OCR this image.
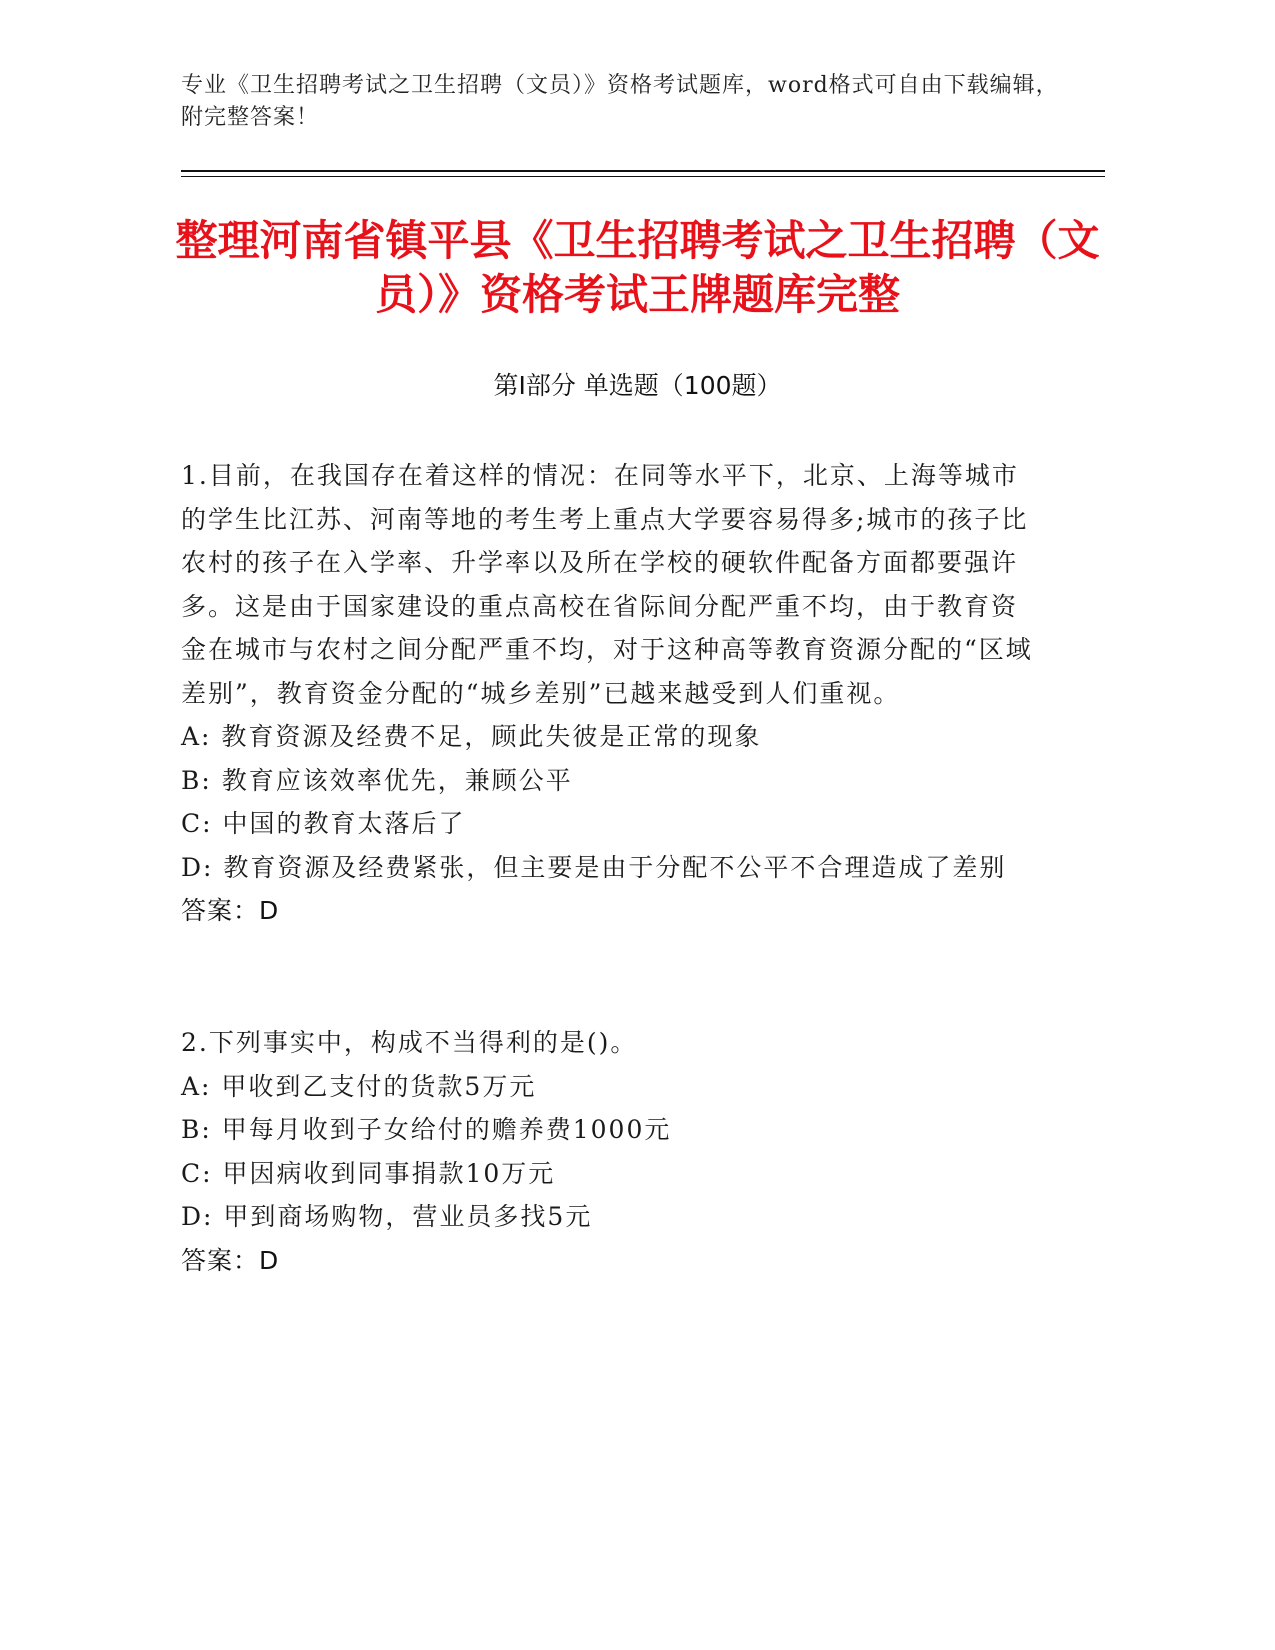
专业《卫生招聘考试之卫生招聘（文员）》资格考试题库，word格式可自由下载编辑，附完整答案！
整理河南省镇平县《卫生招聘考试之卫生招聘（文员）》资格考试王牌题库完整
第Ⅰ部分 单选题（100题）
1.目前，在我国存在着这样的情况：在同等水平下，北京、上海等城市的学生比江苏、河南等地的考生考上重点大学要容易得多;城市的孩子比农村的孩子在入学率、升学率以及所在学校的硬软件配备方面都要强许多。这是由于国家建设的重点高校在省际间分配严重不均，由于教育资金在城市与农村之间分配严重不均，对于这种高等教育资源分配的“区域差别”，教育资金分配的“城乡差别”已越来越受到人们重视。
A: 教育资源及经费不足，顾此失彼是正常的现象
B: 教育应该效率优先，兼顾公平
C: 中国的教育太落后了
D: 教育资源及经费紧张，但主要是由于分配不公平不合理造成了差别
答案：D
2.下列事实中，构成不当得利的是()。
A: 甲收到乙支付的货款5万元
B: 甲每月收到子女给付的赡养费1000元
C: 甲因病收到同事捐款10万元
D: 甲到商场购物，营业员多找5元
答案：D
